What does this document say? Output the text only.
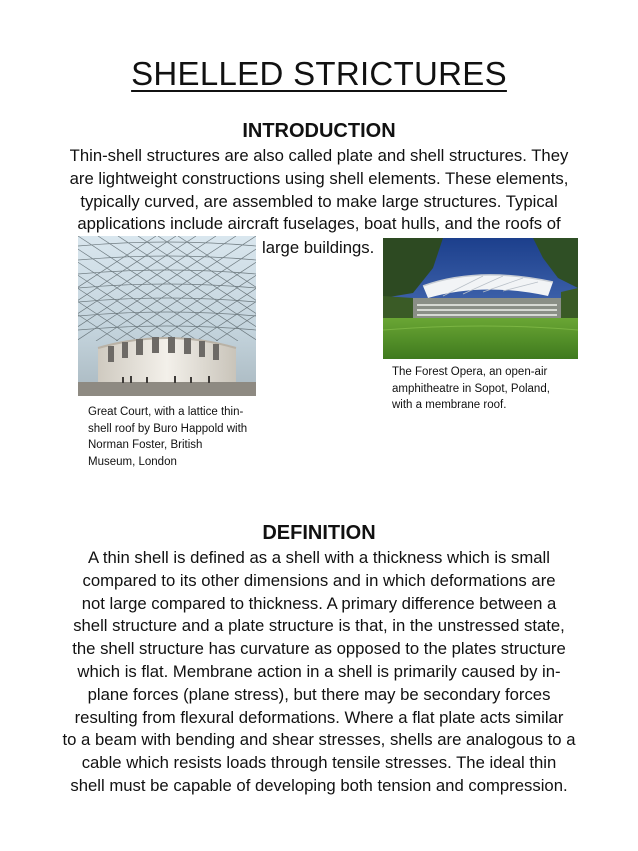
SHELLED STRICTURES
INTRODUCTION
Thin-shell structures are also called plate and shell structures. They
are lightweight constructions using shell elements. These elements,
typically curved, are assembled to make large structures. Typical
applications include aircraft fuselages, boat hulls, and the roofs of
large buildings.
The Forest Opera, an open-air
amphitheatre in Sopot, Poland,
with a membrane roof.
Great Court, with a lattice thin-
shell roof by Buro Happold with
Norman Foster, British
Museum, London
DEFINITION
A thin shell is defined as a shell with a thickness which is small
compared to its other dimensions and in which deformations are
not large compared to thickness. A primary difference between a
shell structure and a plate structure is that, in the unstressed state,
the shell structure has curvature as opposed to the plates structure
which is flat. Membrane action in a shell is primarily caused by in-
plane forces (plane stress), but there may be secondary forces
resulting from flexural deformations. Where a flat plate acts similar
to a beam with bending and shear stresses, shells are analogous to a
cable which resists loads through tensile stresses. The ideal thin
shell must be capable of developing both tension and compression.
